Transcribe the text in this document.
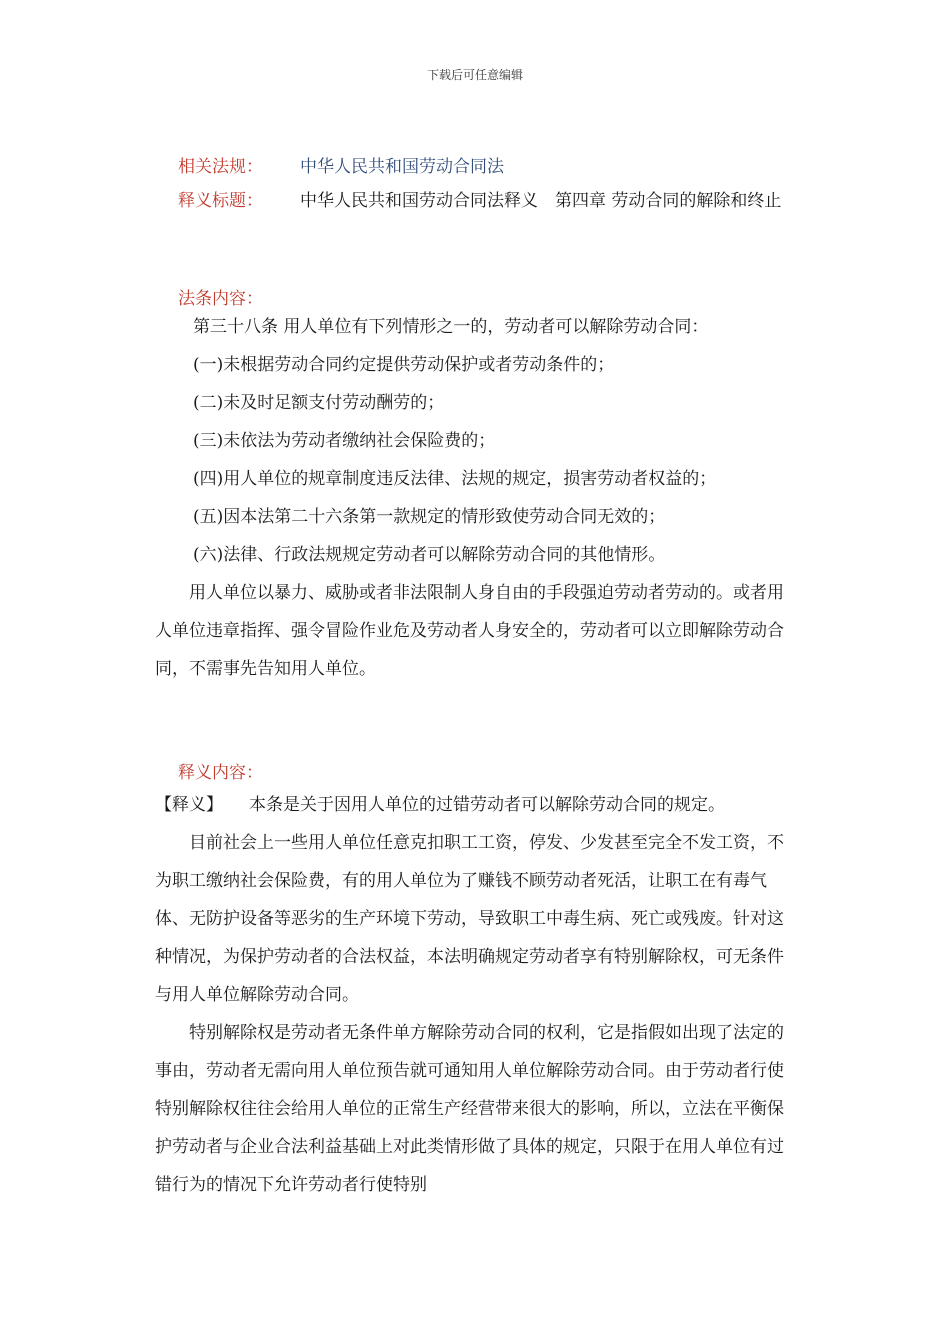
下载后可任意编辑
相关法规： 中华人民共和国劳动合同法
释义标题： 中华人民共和国劳动合同法释义　第四章 劳动合同的解除和终止
法条内容：

第三十八条 用人单位有下列情形之一的，劳动者可以解除劳动合同：

(一)未根据劳动合同约定提供劳动保护或者劳动条件的；

(二)未及时足额支付劳动酬劳的；

(三)未依法为劳动者缴纳社会保险费的；

(四)用人单位的规章制度违反法律、法规的规定，损害劳动者权益的；

(五)因本法第二十六条第一款规定的情形致使劳动合同无效的；

(六)法律、行政法规规定劳动者可以解除劳动合同的其他情形。

用人单位以暴力、威胁或者非法限制人身自由的手段强迫劳动者劳动的。或者用人单位违章指挥、强令冒险作业危及劳动者人身安全的，劳动者可以立即解除劳动合同，不需事先告知用人单位。

释义内容：

【释义】 本条是关于因用人单位的过错劳动者可以解除劳动合同的规定。

目前社会上一些用人单位任意克扣职工工资，停发、少发甚至完全不发工资，不为职工缴纳社会保险费，有的用人单位为了赚钱不顾劳动者死活，让职工在有毒气体、无防护设备等恶劣的生产环境下劳动，导致职工中毒生病、死亡或残废。针对这种情况，为保护劳动者的合法权益，本法明确规定劳动者享有特别解除权，可无条件与用人单位解除劳动合同。

特别解除权是劳动者无条件单方解除劳动合同的权利，它是指假如出现了法定的事由，劳动者无需向用人单位预告就可通知用人单位解除劳动合同。由于劳动者行使特别解除权往往会给用人单位的正常生产经营带来很大的影响，所以，立法在平衡保护劳动者与企业合法利益基础上对此类情形做了具体的规定，只限于在用人单位有过错行为的情况下允许劳动者行使特别
